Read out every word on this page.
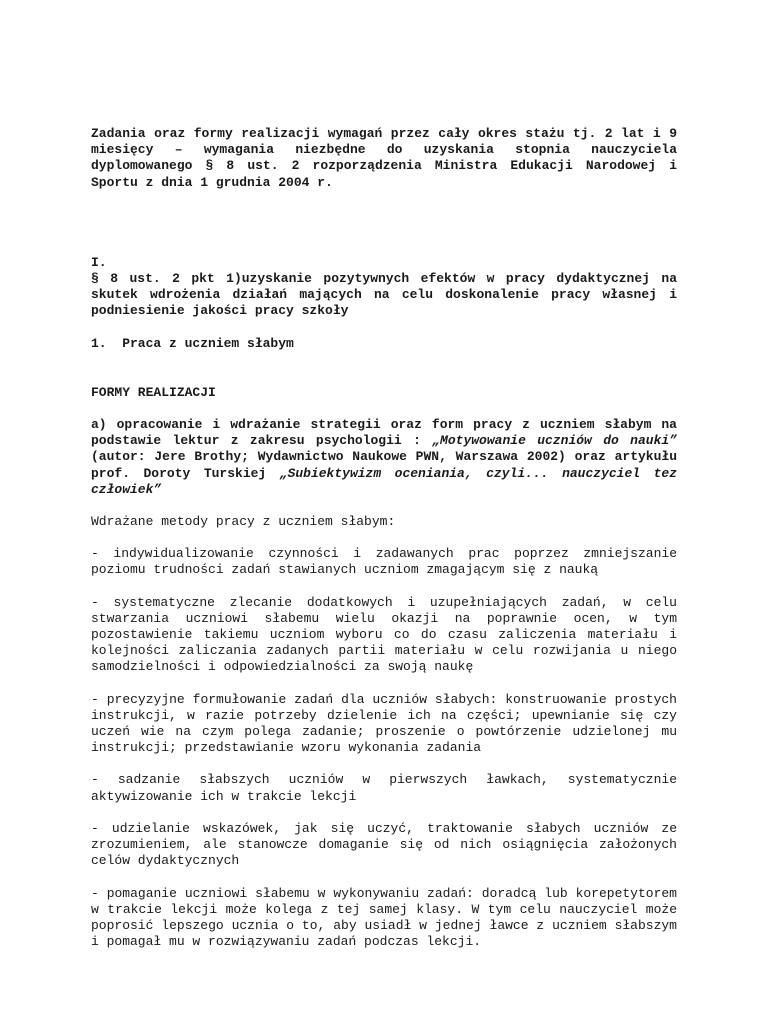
Zadania oraz formy realizacji wymagań przez cały okres stażu tj. 2 lat i 9 miesięcy – wymagania niezbędne do uzyskania stopnia nauczyciela dyplomowanego § 8 ust. 2 rozporządzenia Ministra Edukacji Narodowej i Sportu z dnia 1 grudnia 2004 r.

I.

§ 8 ust. 2 pkt 1)uzyskanie pozytywnych efektów w pracy dydaktycznej na skutek wdrożenia działań mających na celu doskonalenie pracy własnej i podniesienie jakości pracy szkoły

1.  Praca z uczniem słabym

FORMY REALIZACJI

a) opracowanie i wdrażanie strategii oraz form pracy z uczniem słabym na podstawie lektur z zakresu psychologii : „Motywowanie uczniów do nauki” (autor: Jere Brothy; Wydawnictwo Naukowe PWN, Warszawa 2002) oraz artykułu prof. Doroty Turskiej „Subiektywizm oceniania, czyli... nauczyciel tez człowiek”

Wdrażane metody pracy z uczniem słabym:

- indywidualizowanie czynności i zadawanych prac poprzez zmniejszanie poziomu trudności zadań stawianych uczniom zmagającym się z nauką

- systematyczne zlecanie dodatkowych i uzupełniających zadań, w celu stwarzania uczniowi słabemu wielu okazji na poprawnie ocen, w tym pozostawienie takiemu uczniom wyboru co do czasu zaliczenia materiału i kolejności zaliczania zadanych partii materiału w celu rozwijania u niego samodzielności i odpowiedzialności za swoją naukę

- precyzyjne formułowanie zadań dla uczniów słabych: konstruowanie prostych instrukcji, w razie potrzeby dzielenie ich na części; upewnianie się czy uczeń wie na czym polega zadanie; proszenie o powtórzenie udzielonej mu instrukcji; przedstawianie wzoru wykonania zadania

- sadzanie słabszych uczniów w pierwszych ławkach, systematycznie aktywizowanie ich w trakcie lekcji

- udzielanie wskazówek, jak się uczyć, traktowanie słabych uczniów ze zrozumieniem, ale stanowcze domaganie się od nich osiągnięcia założonych celów dydaktycznych

- pomaganie uczniowi słabemu w wykonywaniu zadań: doradcą lub korepetytorem w trakcie lekcji może kolega z tej samej klasy. W tym celu nauczyciel może poprosić lepszego ucznia o to, aby usiadł w jednej ławce z uczniem słabszym i pomagał mu w rozwiązywaniu zadań podczas lekcji.
